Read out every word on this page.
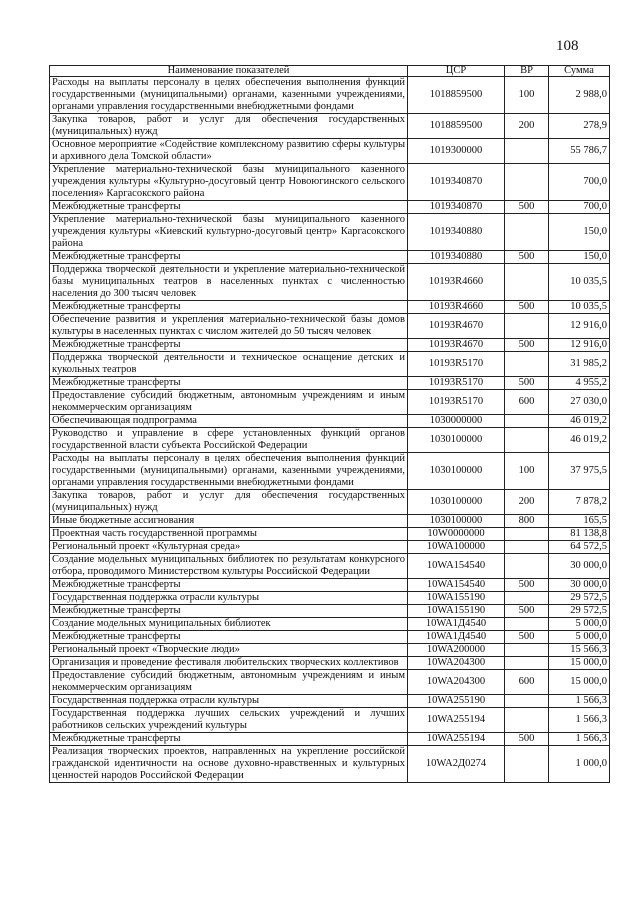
108
Наименование показателей	ЦСР	ВР	Сумма
Расходы на выплаты персоналу в целях обеспечения выполнения функций государственными (муниципальными) органами, казенными учреждениями, органами управления государственными внебюджетными фондами	1018859500	100	2 988,0
Закупка товаров, работ и услуг для обеспечения государственных (муниципальных) нужд	1018859500	200	278,9
Основное мероприятие «Содействие комплексному развитию сферы культуры и архивного дела Томской области»	1019300000		55 786,7
Укрепление материально-технической базы муниципального казенного учреждения культуры «Культурно-досуговый центр Новоюгинского сельского поселения» Каргасокского района	1019340870		700,0
Межбюджетные трансферты	1019340870	500	700,0
Укрепление материально-технической базы муниципального казенного учреждения культуры «Киевский культурно-досуговый центр» Каргасокского района	1019340880		150,0
Межбюджетные трансферты	1019340880	500	150,0
Поддержка творческой деятельности и укрепление материально-технической базы муниципальных театров в населенных пунктах с численностью населения до 300 тысяч человек	10193R4660		10 035,5
Межбюджетные трансферты	10193R4660	500	10 035,5
Обеспечение развития и укрепления материально-технической базы домов культуры в населенных пунктах с числом жителей до 50 тысяч человек	10193R4670		12 916,0
Межбюджетные трансферты	10193R4670	500	12 916,0
Поддержка творческой деятельности и техническое оснащение детских и кукольных театров	10193R5170		31 985,2
Межбюджетные трансферты	10193R5170	500	4 955,2
Предоставление субсидий бюджетным, автономным учреждениям и иным некоммерческим организациям	10193R5170	600	27 030,0
Обеспечивающая подпрограмма	1030000000		46 019,2
Руководство и управление в сфере установленных функций органов государственной власти субъекта Российской Федерации	1030100000		46 019,2
Расходы на выплаты персоналу в целях обеспечения выполнения функций государственными (муниципальными) органами, казенными учреждениями, органами управления государственными внебюджетными фондами	1030100000	100	37 975,5
Закупка товаров, работ и услуг для обеспечения государственных (муниципальных) нужд	1030100000	200	7 878,2
Иные бюджетные ассигнования	1030100000	800	165,5
Проектная часть государственной программы	10W0000000		81 138,8
Региональный проект «Культурная среда»	10WA100000		64 572,5
Создание модельных муниципальных библиотек по результатам конкурсного отбора, проводимого Министерством культуры Российской Федерации	10WA154540		30 000,0
Межбюджетные трансферты	10WA154540	500	30 000,0
Государственная поддержка отрасли культуры	10WA155190		29 572,5
Межбюджетные трансферты	10WA155190	500	29 572,5
Создание модельных муниципальных библиотек	10WA1Д4540		5 000,0
Межбюджетные трансферты	10WA1Д4540	500	5 000,0
Региональный проект «Творческие люди»	10WA200000		15 566,3
Организация и проведение фестиваля любительских творческих коллективов	10WA204300		15 000,0
Предоставление субсидий бюджетным, автономным учреждениям и иным некоммерческим организациям	10WA204300	600	15 000,0
Государственная поддержка отрасли культуры	10WA255190		1 566,3
Государственная поддержка лучших сельских учреждений и лучших работников сельских учреждений культуры	10WA255194		1 566,3
Межбюджетные трансферты	10WA255194	500	1 566,3
Реализация творческих проектов, направленных на укрепление российской гражданской идентичности на основе духовно-нравственных и культурных ценностей народов Российской Федерации	10WA2Д0274		1 000,0
